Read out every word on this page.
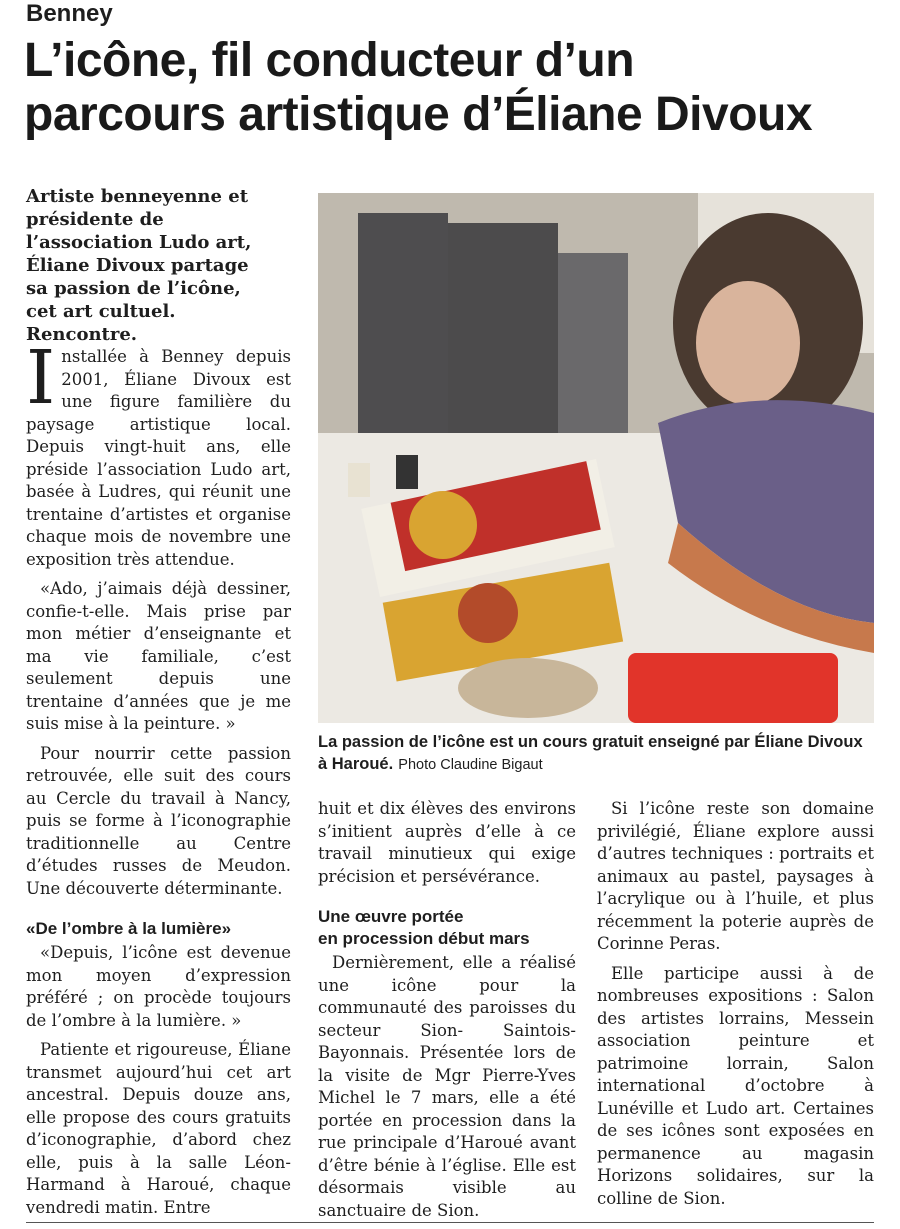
Benney
L’icône, fil conducteur d’un
parcours artistique d’Éliane Divoux
Artiste benneyenne et présidente de l’association Ludo art, Éliane Divoux partage sa passion de l’icône, cet art cultuel. Rencontre.

Installée à Benney depuis 2001, Éliane Divoux est une figure familière du paysage artistique local. Depuis vingt-huit ans, elle préside l’association Ludo art, basée à Ludres, qui réunit une trentaine d’artistes et organise chaque mois de novembre une exposition très attendue.

«Ado, j’aimais déjà dessiner, confie-t-elle. Mais prise par mon métier d’enseignante et ma vie familiale, c’est seulement depuis une trentaine d’années que je me suis mise à la peinture. »

Pour nourrir cette passion retrouvée, elle suit des cours au Cercle du travail à Nancy, puis se forme à l’iconographie traditionnelle au Centre d’études russes de Meudon. Une découverte déterminante.

«De l’ombre à la lumière»

«Depuis, l’icône est devenue mon moyen d’expression préféré ; on procède toujours de l’ombre à la lumière. »

Patiente et rigoureuse, Éliane transmet aujourd’hui cet art ancestral. Depuis douze ans, elle propose des cours gratuits d’iconographie, d’abord chez elle, puis à la salle Léon-Harmand à Haroué, chaque vendredi matin. Entre

La passion de l’icône est un cours gratuit enseigné par Éliane Divoux à Haroué. Photo Claudine Bigaut

huit et dix élèves des environs s’initient auprès d’elle à ce travail minutieux qui exige précision et persévérance.

Une œuvre portée
en procession début mars

Dernièrement, elle a réalisé une icône pour la communauté des paroisses du secteur Sion- Saintois-Bayonnais. Présentée lors de la visite de Mgr Pierre-Yves Michel le 7 mars, elle a été portée en procession dans la rue principale d’Haroué avant d’être bénie à l’église. Elle est désormais visible au sanctuaire de Sion.

Si l’icône reste son domaine privilégié, Éliane explore aussi d’autres techniques : portraits et animaux au pastel, paysages à l’acrylique ou à l’huile, et plus récemment la poterie auprès de Corinne Peras.

Elle participe aussi à de nombreuses expositions : Salon des artistes lorrains, Messein association peinture et patrimoine lorrain, Salon international d’octobre à Lunéville et Ludo art. Certaines de ses icônes sont exposées en permanence au magasin Horizons solidaires, sur la colline de Sion.
